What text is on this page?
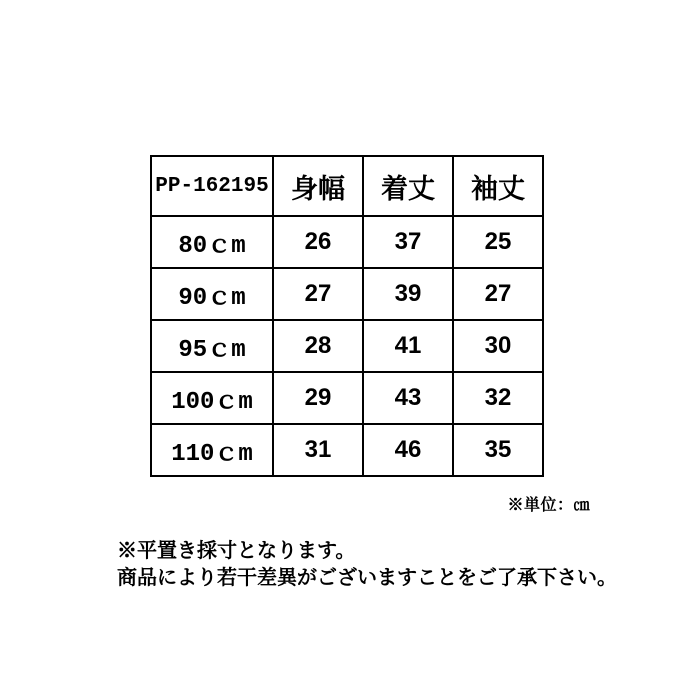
PP-162195	身幅	着丈	袖丈
80ｃm	26	37	25
90ｃm	27	39	27
95ｃm	28	41	30
100ｃm	29	43	32
110ｃm	31	46	35
※単位：㎝
※平置き採寸となります。
商品により若干差異がございますことをご了承下さい。
